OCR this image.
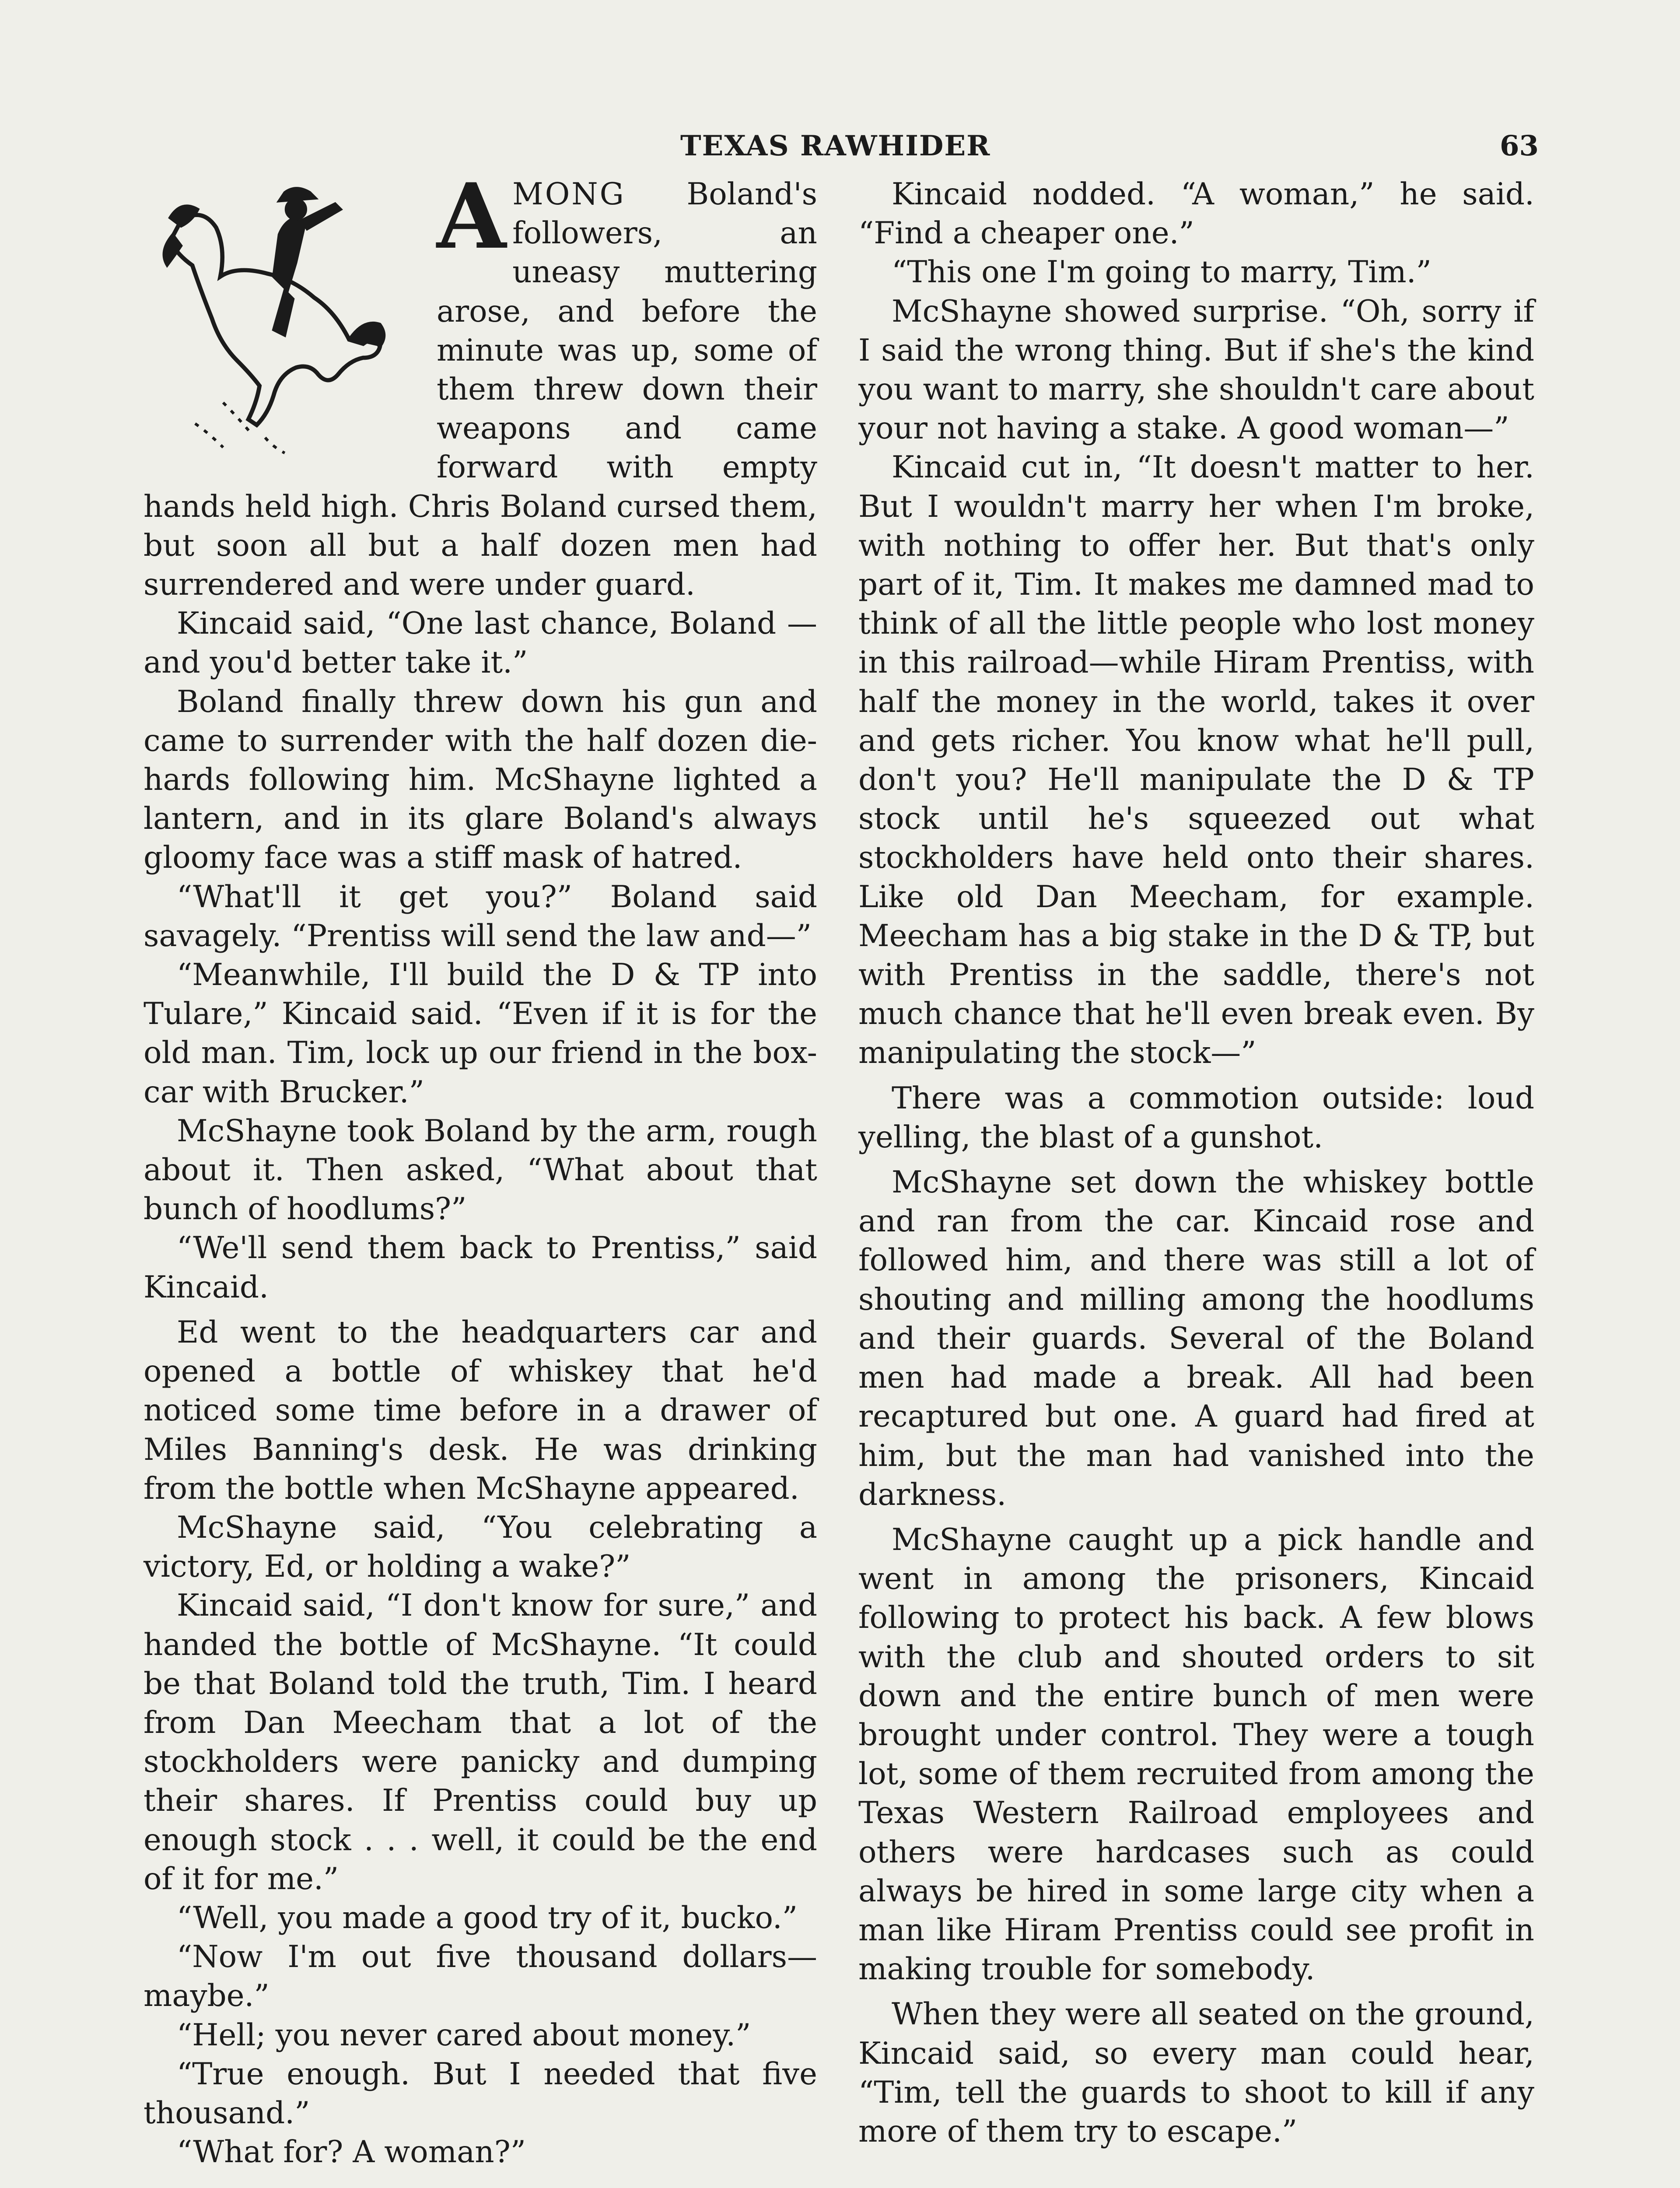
TEXAS RAWHIDER	63
A MONG Boland's followers, an uneasy muttering arose, and before the minute was up, some of them threw down their weapons and came forward with empty hands held high. Chris Boland cursed them, but soon all but a half dozen men had surrendered and were under guard.

Kincaid said, “One last chance, Boland —and you'd better take it.”

Boland finally threw down his gun and came to surrender with the half dozen die-hards following him. McShayne lighted a lantern, and in its glare Boland's always gloomy face was a stiff mask of hatred.

“What'll it get you?” Boland said savagely. “Prentiss will send the law and—”

“Meanwhile, I'll build the D & TP into Tulare,” Kincaid said. “Even if it is for the old man. Tim, lock up our friend in the box-car with Brucker.”

McShayne took Boland by the arm, rough about it. Then asked, “What about that bunch of hoodlums?”

“We'll send them back to Prentiss,” said Kincaid.

Ed went to the headquarters car and opened a bottle of whiskey that he'd noticed some time before in a drawer of Miles Banning's desk. He was drinking from the bottle when McShayne appeared.

McShayne said, “You celebrating a victory, Ed, or holding a wake?”

Kincaid said, “I don't know for sure,” and handed the bottle of McShayne. “It could be that Boland told the truth, Tim. I heard from Dan Meecham that a lot of the stockholders were panicky and dumping their shares. If Prentiss could buy up enough stock . . . well, it could be the end of it for me.”

“Well, you made a good try of it, bucko.”

“Now I'm out five thousand dollars— maybe.”

“Hell; you never cared about money.”

“True enough. But I needed that five thousand.”

“What for? A woman?”

Kincaid nodded. “A woman,” he said. “Find a cheaper one.”

“This one I'm going to marry, Tim.”

McShayne showed surprise. “Oh, sorry if I said the wrong thing. But if she's the kind you want to marry, she shouldn't care about your not having a stake. A good woman—”

Kincaid cut in, “It doesn't matter to her. But I wouldn't marry her when I'm broke, with nothing to offer her. But that's only part of it, Tim. It makes me damned mad to think of all the little people who lost money in this railroad—while Hiram Prentiss, with half the money in the world, takes it over and gets richer. You know what he'll pull, don't you? He'll manipulate the D & TP stock until he's squeezed out what stockholders have held onto their shares. Like old Dan Meecham, for example. Meecham has a big stake in the D & TP, but with Prentiss in the saddle, there's not much chance that he'll even break even. By manipulating the stock—”

There was a commotion outside: loud yelling, the blast of a gunshot.

McShayne set down the whiskey bottle and ran from the car. Kincaid rose and followed him, and there was still a lot of shouting and milling among the hoodlums and their guards. Several of the Boland men had made a break. All had been recaptured but one. A guard had fired at him, but the man had vanished into the darkness.

McShayne caught up a pick handle and went in among the prisoners, Kincaid following to protect his back. A few blows with the club and shouted orders to sit down and the entire bunch of men were brought under control. They were a tough lot, some of them recruited from among the Texas Western Railroad employees and others were hardcases such as could always be hired in some large city when a man like Hiram Prentiss could see profit in making trouble for somebody.

When they were all seated on the ground, Kincaid said, so every man could hear, “Tim, tell the guards to shoot to kill if any more of them try to escape.”
